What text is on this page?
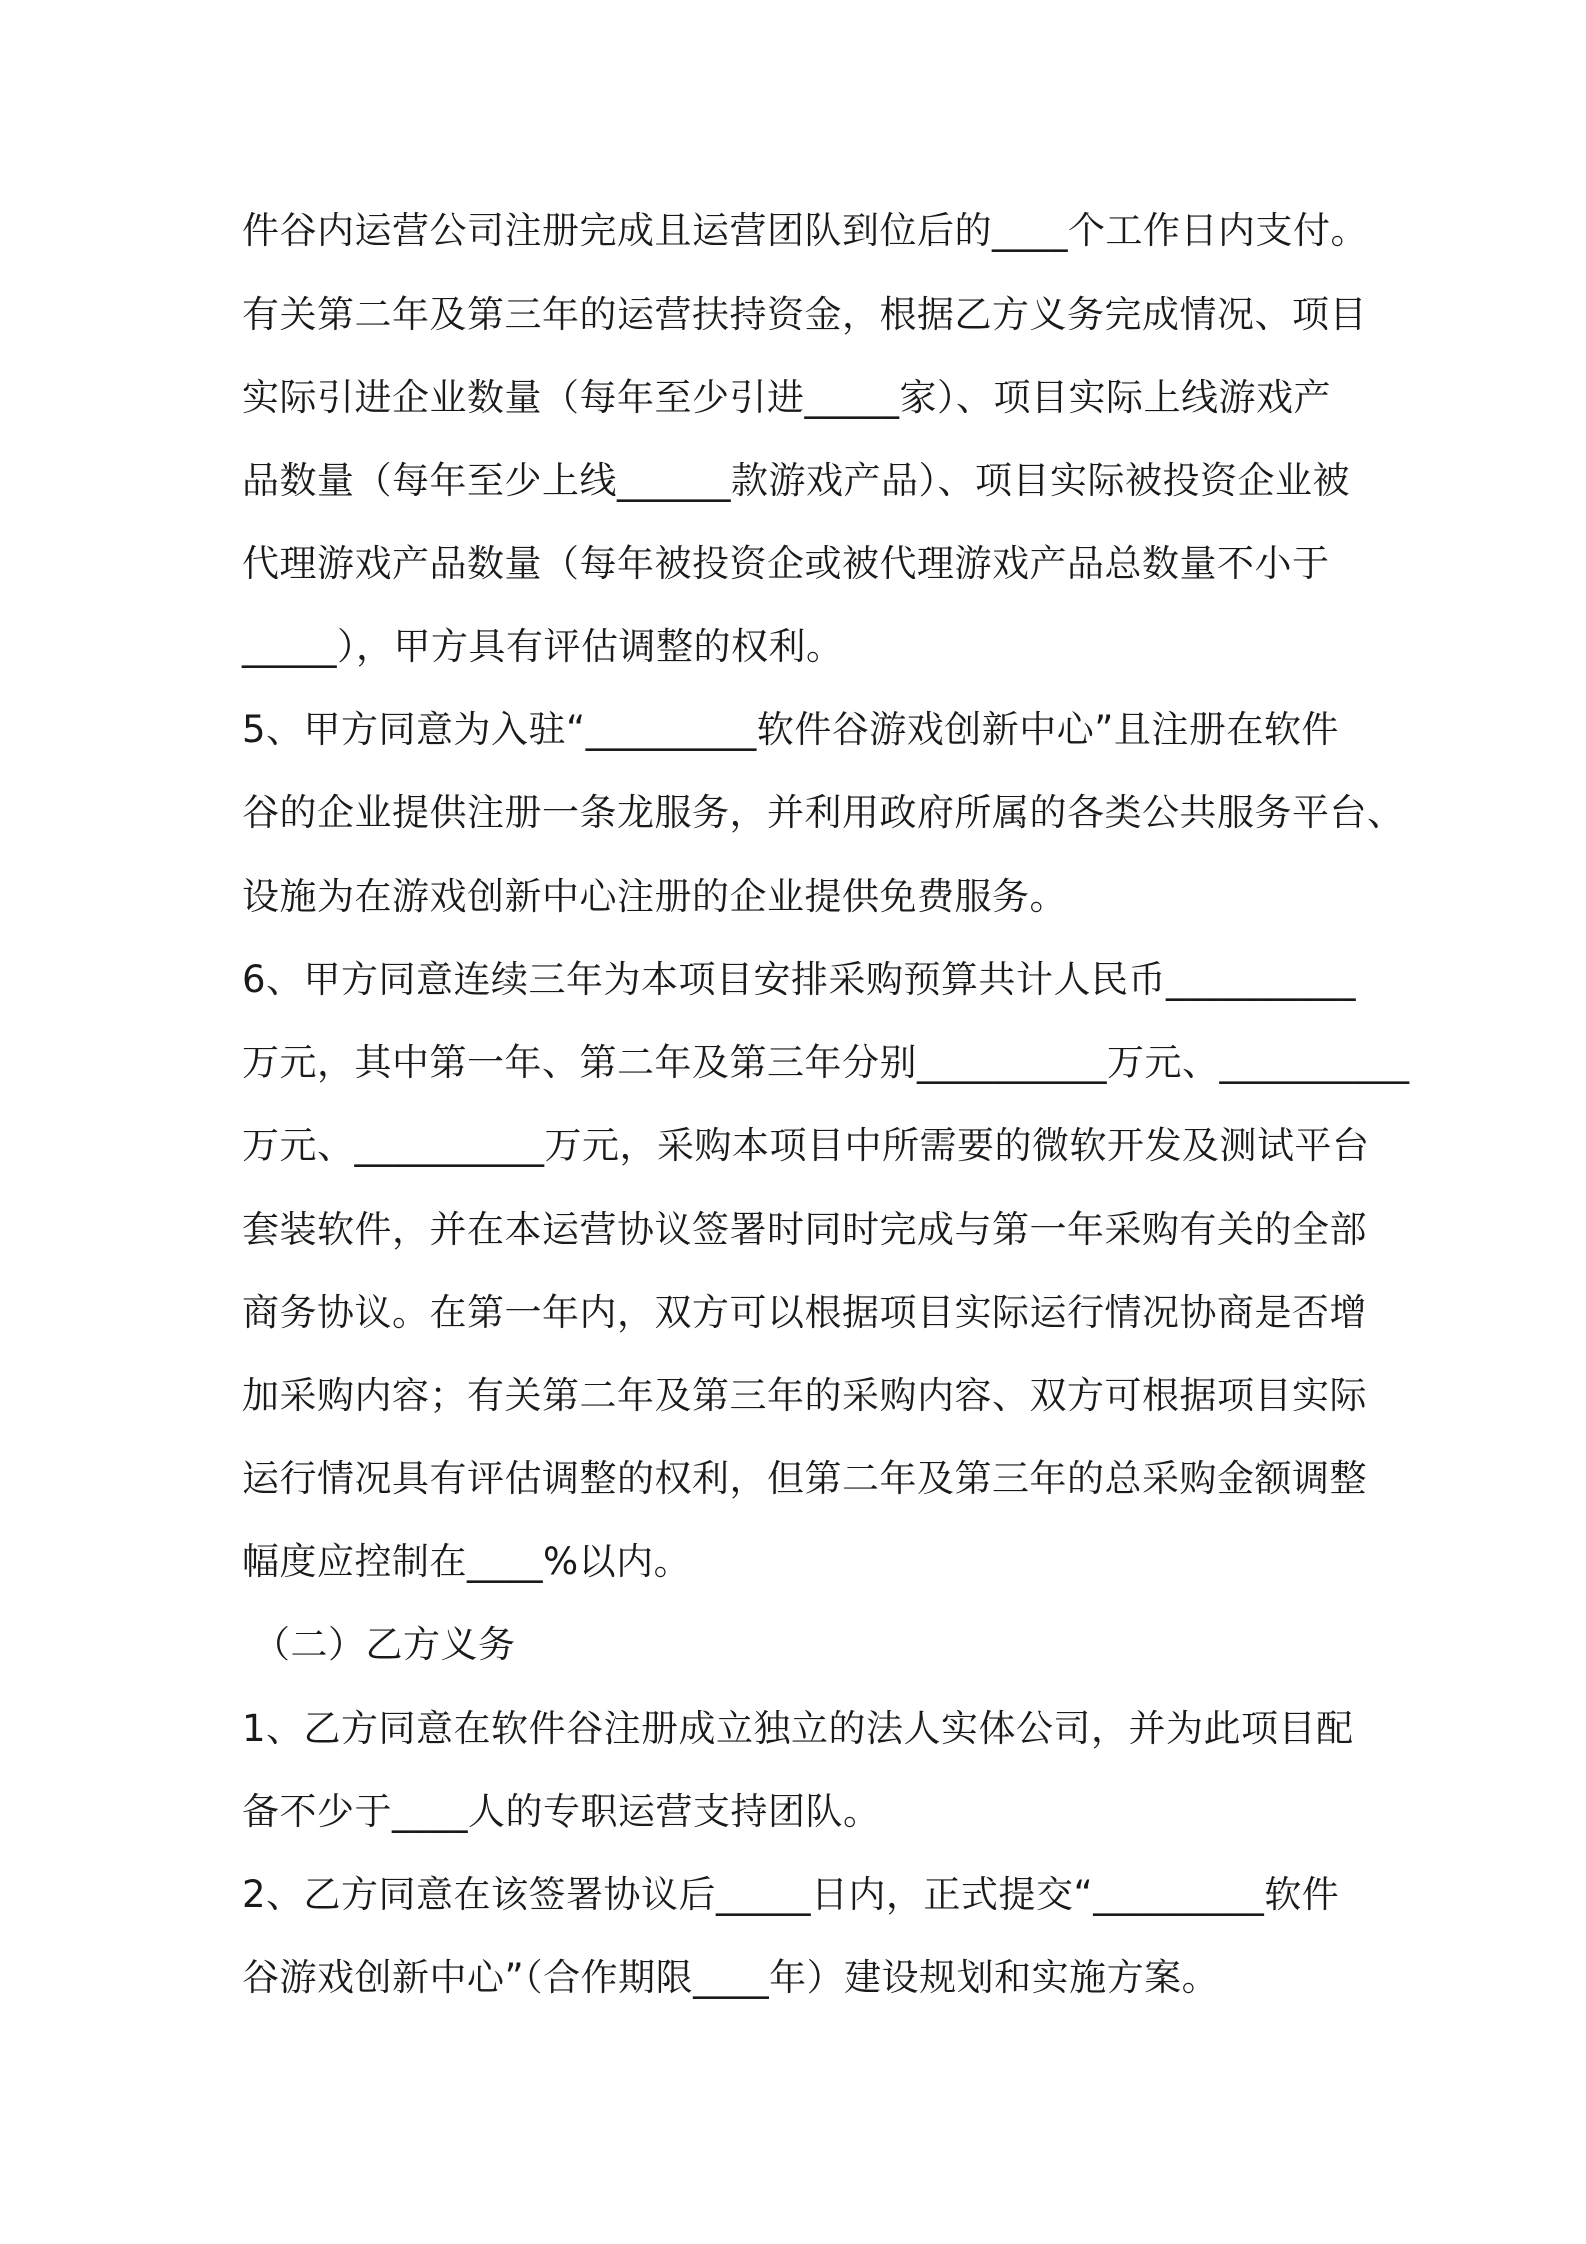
件谷内运营公司注册完成且运营团队到位后的____个工作日内支付。
有关第二年及第三年的运营扶持资金，根据乙方义务完成情况、项目
实际引进企业数量（每年至少引进_____家）、项目实际上线游戏产
品数量（每年至少上线______款游戏产品）、项目实际被投资企业被
代理游戏产品数量（每年被投资企或被代理游戏产品总数量不小于
_____），甲方具有评估调整的权利。
5、甲方同意为入驻“_________软件谷游戏创新中心”且注册在软件
谷的企业提供注册一条龙服务，并利用政府所属的各类公共服务平台、
设施为在游戏创新中心注册的企业提供免费服务。
6、甲方同意连续三年为本项目安排采购预算共计人民币__________
万元，其中第一年、第二年及第三年分别__________万元、__________
万元、__________万元，采购本项目中所需要的微软开发及测试平台
套装软件，并在本运营协议签署时同时完成与第一年采购有关的全部
商务协议。在第一年内，双方可以根据项目实际运行情况协商是否增
加采购内容；有关第二年及第三年的采购内容、双方可根据项目实际
运行情况具有评估调整的权利，但第二年及第三年的总采购金额调整
幅度应控制在____%以内。
（二）乙方义务
1、乙方同意在软件谷注册成立独立的法人实体公司，并为此项目配
备不少于____人的专职运营支持团队。
2、乙方同意在该签署协议后_____日内，正式提交“_________软件
谷游戏创新中心”（合作期限____年）建设规划和实施方案。
